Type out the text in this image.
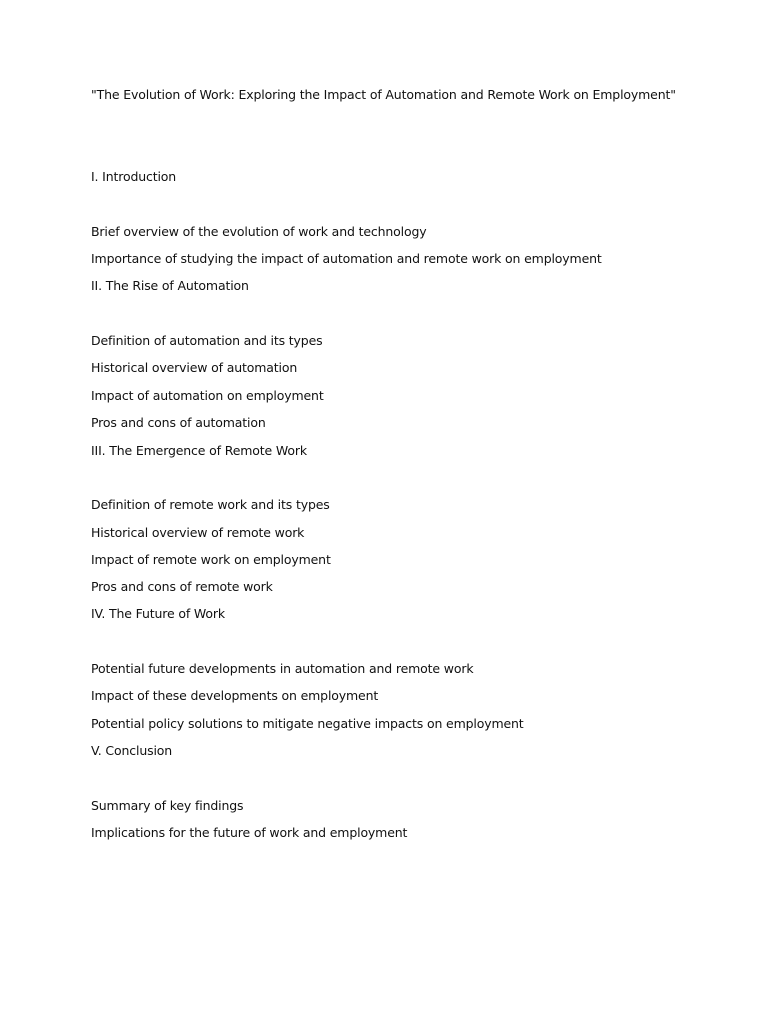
"The Evolution of Work: Exploring the Impact of Automation and Remote Work on Employment"
I. Introduction
Brief overview of the evolution of work and technology
Importance of studying the impact of automation and remote work on employment
II. The Rise of Automation
Definition of automation and its types
Historical overview of automation
Impact of automation on employment
Pros and cons of automation
III. The Emergence of Remote Work
Definition of remote work and its types
Historical overview of remote work
Impact of remote work on employment
Pros and cons of remote work
IV. The Future of Work
Potential future developments in automation and remote work
Impact of these developments on employment
Potential policy solutions to mitigate negative impacts on employment
V. Conclusion
Summary of key findings
Implications for the future of work and employment
